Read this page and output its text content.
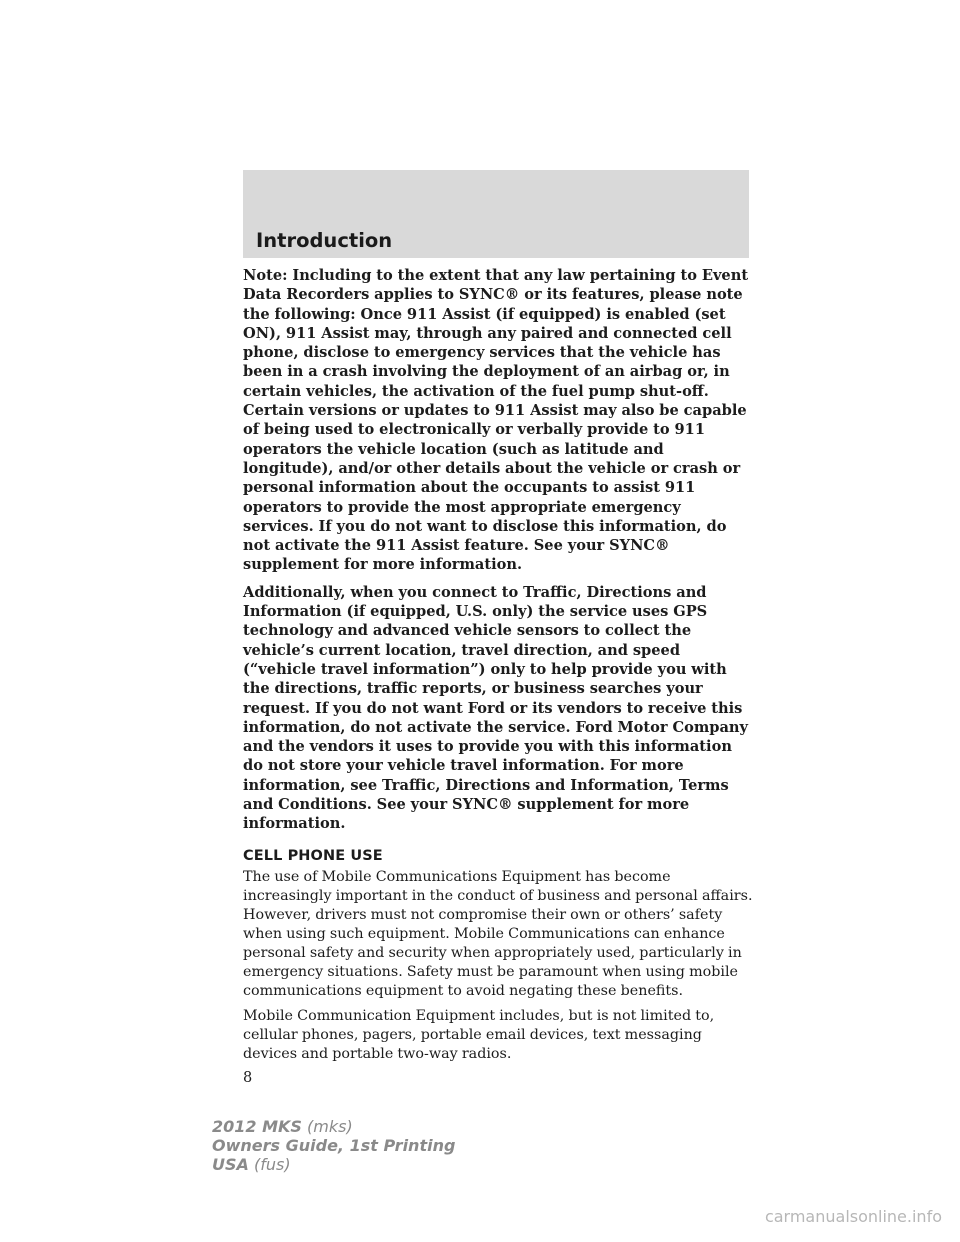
Introduction

Note: Including to the extent that any law pertaining to Event Data Recorders applies to SYNC® or its features, please note the following: Once 911 Assist (if equipped) is enabled (set ON), 911 Assist may, through any paired and connected cell phone, disclose to emergency services that the vehicle has been in a crash involving the deployment of an airbag or, in certain vehicles, the activation of the fuel pump shut-off. Certain versions or updates to 911 Assist may also be capable of being used to electronically or verbally provide to 911 operators the vehicle location (such as latitude and longitude), and/or other details about the vehicle or crash or personal information about the occupants to assist 911 operators to provide the most appropriate emergency services. If you do not want to disclose this information, do not activate the 911 Assist feature. See your SYNC® supplement for more information.

Additionally, when you connect to Traffic, Directions and Information (if equipped, U.S. only) the service uses GPS technology and advanced vehicle sensors to collect the vehicle’s current location, travel direction, and speed (“vehicle travel information”) only to help provide you with the directions, traffic reports, or business searches your request. If you do not want Ford or its vendors to receive this information, do not activate the service. Ford Motor Company and the vendors it uses to provide you with this information do not store your vehicle travel information. For more information, see Traffic, Directions and Information, Terms and Conditions. See your SYNC® supplement for more information.

CELL PHONE USE

The use of Mobile Communications Equipment has become increasingly important in the conduct of business and personal affairs. However, drivers must not compromise their own or others’ safety when using such equipment. Mobile Communications can enhance personal safety and security when appropriately used, particularly in emergency situations. Safety must be paramount when using mobile communications equipment to avoid negating these benefits.

Mobile Communication Equipment includes, but is not limited to, cellular phones, pagers, portable email devices, text messaging devices and portable two-way radios.

8
2012 MKS (mks)
Owners Guide, 1st Printing
USA (fus)
carmanualsonline.info
